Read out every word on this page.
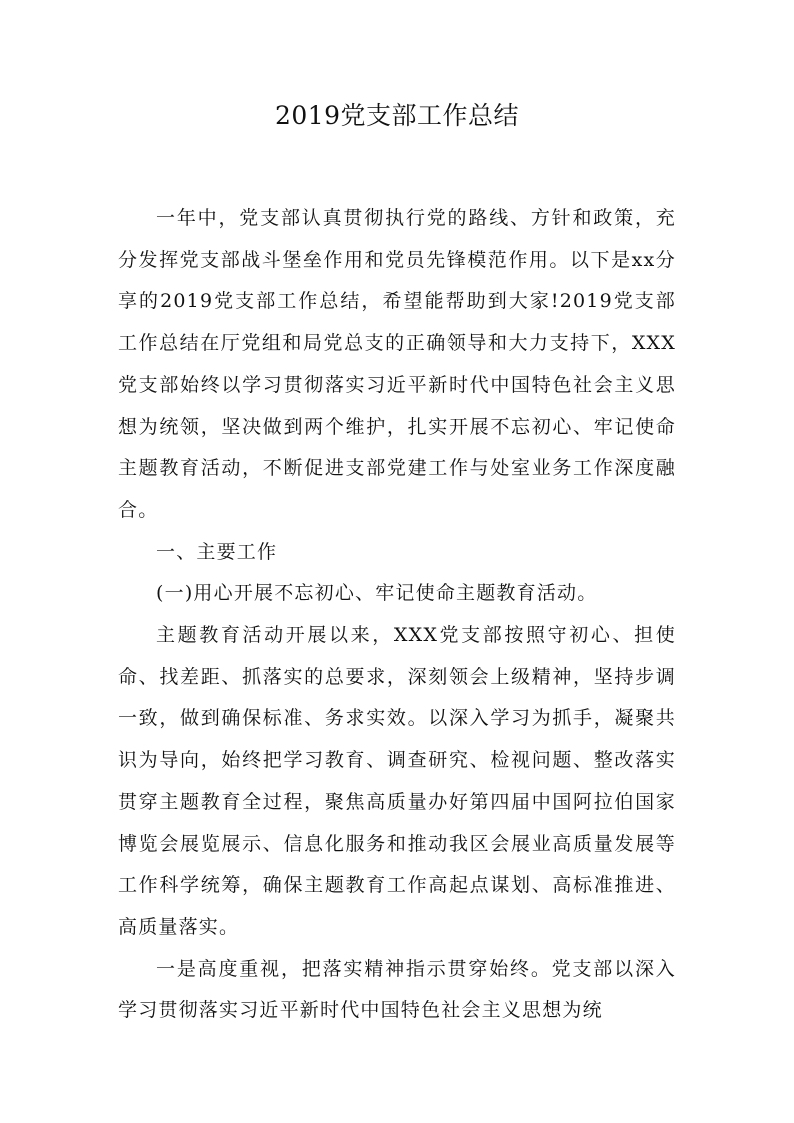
2019党支部工作总结

一年中，党支部认真贯彻执行党的路线、方针和政策，充分发挥党支部战斗堡垒作用和党员先锋模范作用。以下是xx分享的2019党支部工作总结，希望能帮助到大家!2019党支部工作总结在厅党组和局党总支的正确领导和大力支持下，XXX党支部始终以学习贯彻落实习近平新时代中国特色社会主义思想为统领，坚决做到两个维护，扎实开展不忘初心、牢记使命主题教育活动，不断促进支部党建工作与处室业务工作深度融合。

一、主要工作

(一)用心开展不忘初心、牢记使命主题教育活动。

主题教育活动开展以来，XXX党支部按照守初心、担使命、找差距、抓落实的总要求，深刻领会上级精神，坚持步调一致，做到确保标准、务求实效。以深入学习为抓手，凝聚共识为导向，始终把学习教育、调查研究、检视问题、整改落实贯穿主题教育全过程，聚焦高质量办好第四届中国阿拉伯国家博览会展览展示、信息化服务和推动我区会展业高质量发展等工作科学统筹，确保主题教育工作高起点谋划、高标准推进、高质量落实。

一是高度重视，把落实精神指示贯穿始终。党支部以深入学习贯彻落实习近平新时代中国特色社会主义思想为统
